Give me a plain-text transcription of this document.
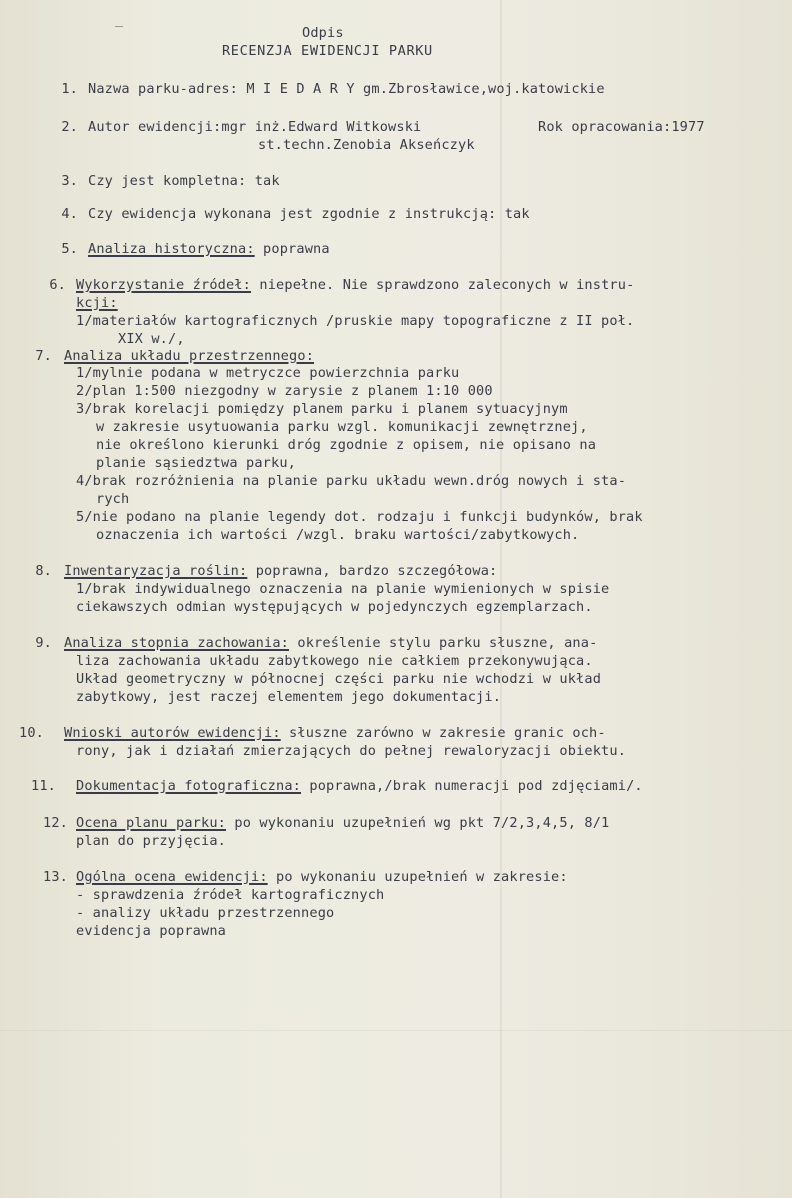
Odpis
RECENZJA EWIDENCJI PARKU
1. Nazwa parku-adres: M I E D A R Y gm.Zbrosławice,woj.katowickie
2. Autor ewidencji:mgr inż.Edward Witkowski	Rok opracowania:1977
st.techn.Zenobia Akseńczyk
3. Czy jest kompletna: tak
4. Czy ewidencja wykonana jest zgodnie z instrukcją: tak
5. Analiza historyczna: poprawna
6. Wykorzystanie źródeł: niepełne. Nie sprawdzono zaleconych w instru-
kcji:
1/materiałów kartograficznych /pruskie mapy topograficzne z II poł.
XIX w./,
7. Analiza układu przestrzennego:
1/mylnie podana w metryczce powierzchnia parku
2/plan 1:500 niezgodny w zarysie z planem 1:10 000
3/brak korelacji pomiędzy planem parku i planem sytuacyjnym
w zakresie usytuowania parku wzgl. komunikacji zewnętrznej,
nie określono kierunki dróg zgodnie z opisem, nie opisano na
planie sąsiedztwa parku,
4/brak rozróżnienia na planie parku układu wewn.dróg nowych i sta-
rych
5/nie podano na planie legendy dot. rodzaju i funkcji budynków, brak
oznaczenia ich wartości /wzgl. braku wartości/zabytkowych.
8. Inwentaryzacja roślin: poprawna, bardzo szczegółowa:
1/brak indywidualnego oznaczenia na planie wymienionych w spisie
ciekawszych odmian występujących w pojedynczych egzemplarzach.
9. Analiza stopnia zachowania: określenie stylu parku słuszne, ana-
liza zachowania układu zabytkowego nie całkiem przekonywująca.
Układ geometryczny w północnej części parku nie wchodzi w układ
zabytkowy, jest raczej elementem jego dokumentacji.
10. Wnioski autorów ewidencji: słuszne zarówno w zakresie granic och-
rony, jak i działań zmierzających do pełnej rewaloryzacji obiektu.
11. Dokumentacja fotograficzna: poprawna,/brak numeracji pod zdjęciami/.
12. Ocena planu parku: po wykonaniu uzupełnień wg pkt 7/2,3,4,5, 8/1
plan do przyjęcia.
13. Ogólna ocena ewidencji: po wykonaniu uzupełnień w zakresie:
- sprawdzenia źródeł kartograficznych
- analizy układu przestrzennego
evidencja poprawna
